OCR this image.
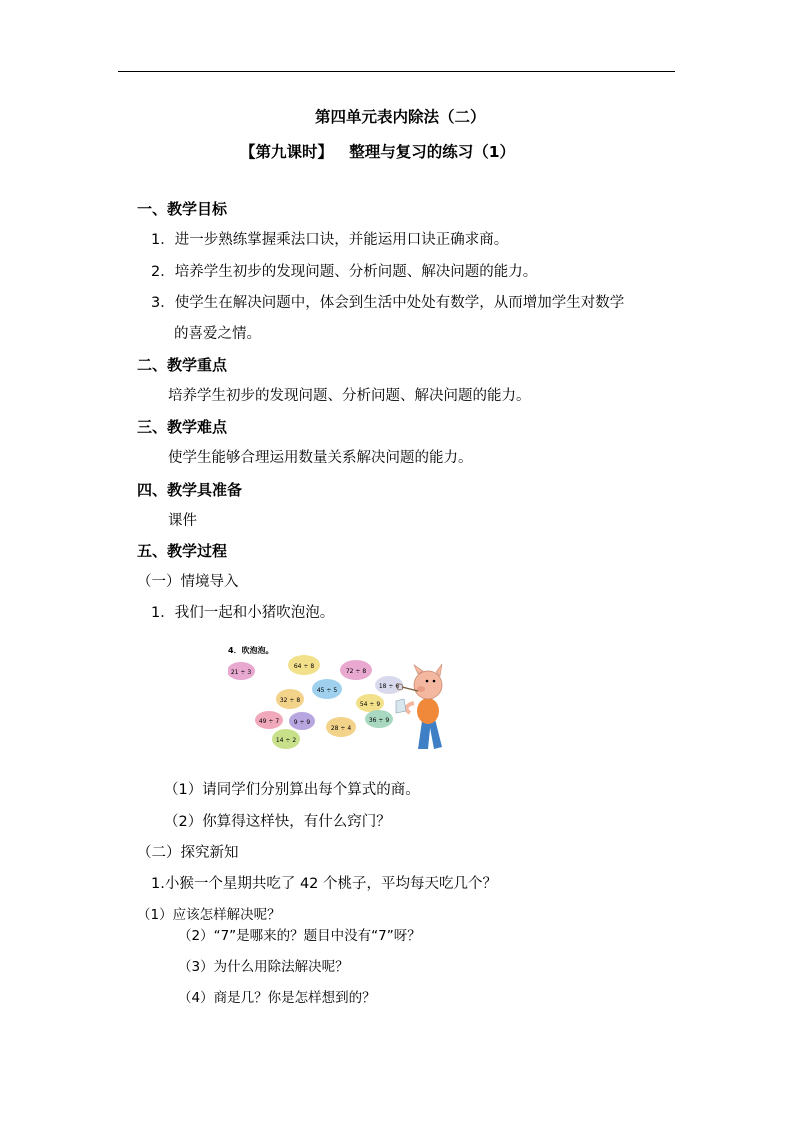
第四单元表内除法（二）
【第九课时】   整理与复习的练习（1）
一、教学目标
1．进一步熟练掌握乘法口诀，并能运用口诀正确求商。
2．培养学生初步的发现问题、分析问题、解决问题的能力。
3．使学生在解决问题中，体会到生活中处处有数学，从而增加学生对数学
的喜爱之情。
二、教学重点
培养学生初步的发现问题、分析问题、解决问题的能力。
三、教学难点
使学生能够合理运用数量关系解决问题的能力。
四、教学具准备
课件
五、教学过程
（一）情境导入
1．我们一起和小猪吹泡泡。
4．吹泡泡。
21 ÷ 3
64 ÷ 8
72 ÷ 8
45 ÷ 5
18 ÷ 6
32 ÷ 8
54 ÷ 9
49 ÷ 7 9 ÷ 9
28 ÷ 4
36 ÷ 9
14 ÷ 2
（1）请同学们分别算出每个算式的商。
（2）你算得这样快，有什么窍门？
（二）探究新知
1.小猴一个星期共吃了 42 个桃子，平均每天吃几个？
（1）应该怎样解决呢？
（2）“7”是哪来的？题目中没有“7”呀？
（3）为什么用除法解决呢？
（4）商是几？你是怎样想到的？
